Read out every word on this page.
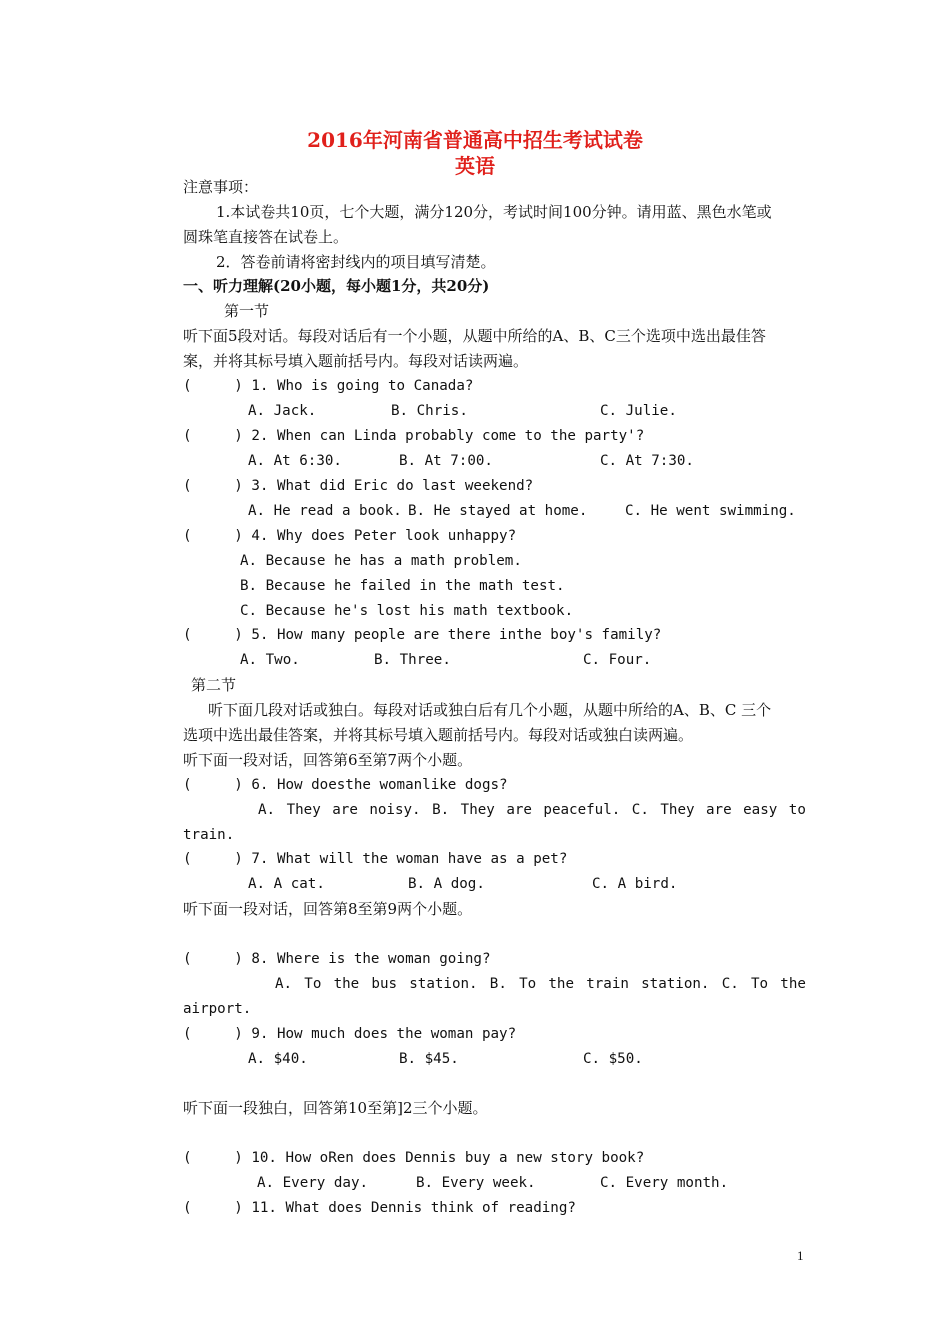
2016年河南省普通高中招生考试试卷
英语
注意事项：
1.本试卷共10页，七个大题，满分120分，考试时间100分钟。请用蓝、黑色水笔或
圆珠笔直接答在试卷上。
2．答卷前请将密封线内的项目填写清楚。
一、听力理解(20小题，每小题1分，共20分)
第一节
听下面5段对话。每段对话后有一个小题，从题中所给的A、B、C三个选项中选出最佳答
案，并将其标号填入题前括号内。每段对话读两遍。
(     ) 1. Who is going to Canada?
A. Jack.	B. Chris.	C. Julie.
(     ) 2. When can Linda probably come to the party'?
A. At 6:30.	B. At 7:00.	C. At 7:30.
(     ) 3. What did Eric do last weekend?
A. He read a book. B. He stayed at home.	C. He went swimming.
(     ) 4. Why does Peter look unhappy?
A. Because he has a math problem.
B. Because he failed in the math test.
C. Because he's lost his math textbook.
(     ) 5. How many people are there inthe boy's family?
A. Two.	B. Three.	C. Four.
第二节
听下面几段对话或独白。每段对话或独白后有几个小题，从题中所给的A、B、C 三个
选项中选出最佳答案，并将其标号填入题前括号内。每段对话或独白读两遍。
听下面一段对话，回答第6至第7两个小题。
(     ) 6. How doesthe womanlike dogs?
A. They are noisy. B. They are peaceful. C. They are easy to
train.
(     ) 7. What will the woman have as a pet?
A. A cat.	B. A dog.	C. A bird.
听下面一段对话，回答第8至第9两个小题。
(     ) 8. Where is the woman going?
A. To the bus station. B. To the train station. C. To the
airport.
(     ) 9. How much does the woman pay?
A. $40.	B. $45.	C. $50.
听下面一段独白，回答第10至第]2三个小题。
(     ) 10. How oRen does Dennis buy a new story book?
A. Every day.	B. Every week.	C. Every month.
(     ) 11. What does Dennis think of reading?
1
